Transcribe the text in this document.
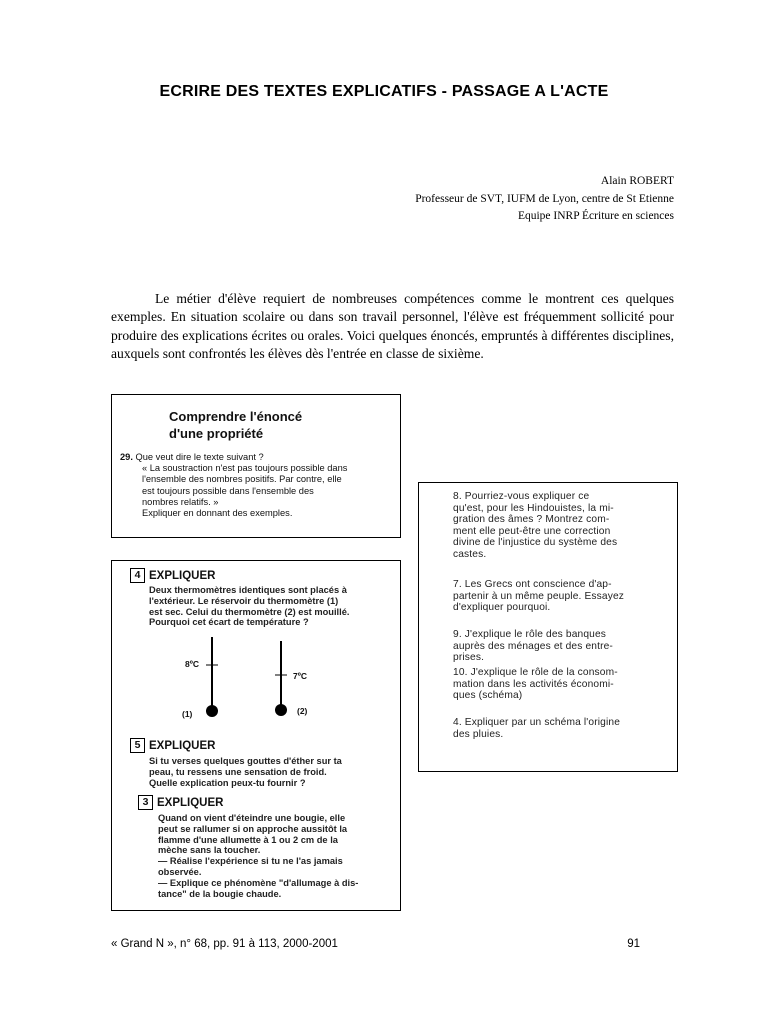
ECRIRE DES TEXTES EXPLICATIFS - PASSAGE A L'ACTE
Alain ROBERT
Professeur de SVT, IUFM de Lyon, centre de St Etienne
Equipe INRP Écriture en sciences

Le métier d'élève requiert de nombreuses compétences comme le montrent ces quelques exemples. En situation scolaire ou dans son travail personnel, l'élève est fréquemment sollicité pour produire des explications écrites ou orales. Voici quelques énoncés, empruntés à différentes disciplines, auxquels sont confrontés les élèves dès l'entrée en classe de sixième.

Comprendre l'énoncé
d'une propriété
29. Que veut dire le texte suivant ?
« La soustraction n'est pas toujours possible dans
l'ensemble des nombres positifs. Par contre, elle
est toujours possible dans l'ensemble des
nombres relatifs. »
Expliquer en donnant des exemples.
4 EXPLIQUER
Deux thermomètres identiques sont placés à
l'extérieur. Le réservoir du thermomètre (1)
est sec. Celui du thermomètre (2) est mouillé.
Pourquoi cet écart de température ?
8ºC
7ºC
(1)	(2)
5 EXPLIQUER
Si tu verses quelques gouttes d'éther sur ta
peau, tu ressens une sensation de froid.
Quelle explication peux-tu fournir ?
3 EXPLIQUER
Quand on vient d'éteindre une bougie, elle
peut se rallumer si on approche aussitôt la
flamme d'une allumette à 1 ou 2 cm de la
mèche sans la toucher.
— Réalise l'expérience si tu ne l'as jamais
observée.
— Explique ce phénomène "d'allumage à dis-
tance" de la bougie chaude.
8. Pourriez-vous expliquer ce
qu'est, pour les Hindouistes, la mi-
gration des âmes ? Montrez com-
ment elle peut-être une correction
divine de l'injustice du système des
castes.
7. Les Grecs ont conscience d'ap-
partenir à un même peuple. Essayez
d'expliquer pourquoi.
9. J'explique le rôle des banques
auprès des ménages et des entre-
prises.
10. J'explique le rôle de la consom-
mation dans les activités économi-
ques (schéma)
4. Expliquer par un schéma l'origine
des pluies.
« Grand N », n° 68, pp. 91 à 113, 2000-2001	91
